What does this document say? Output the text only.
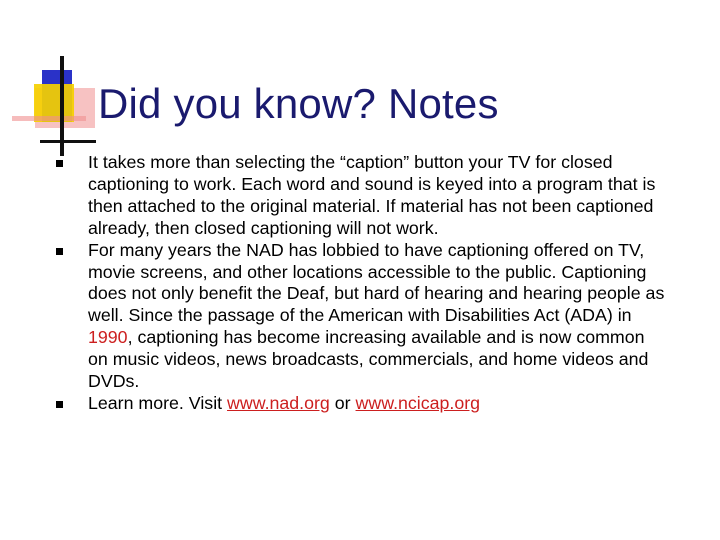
Did you know? Notes
It takes more than selecting the “caption” button your TV for closed captioning to work. Each word and sound is keyed into a program that is then attached to the original material. If material has not been captioned already, then closed captioning will not work.
For many years the NAD has lobbied to have captioning offered on TV, movie screens, and other locations accessible to the public. Captioning does not only benefit the Deaf, but hard of hearing and hearing people as well. Since the passage of the American with Disabilities Act (ADA) in 1990, captioning has become increasing available and is now common on music videos, news broadcasts, commercials, and home videos and DVDs.
Learn more. Visit www.nad.org or www.ncicap.org
